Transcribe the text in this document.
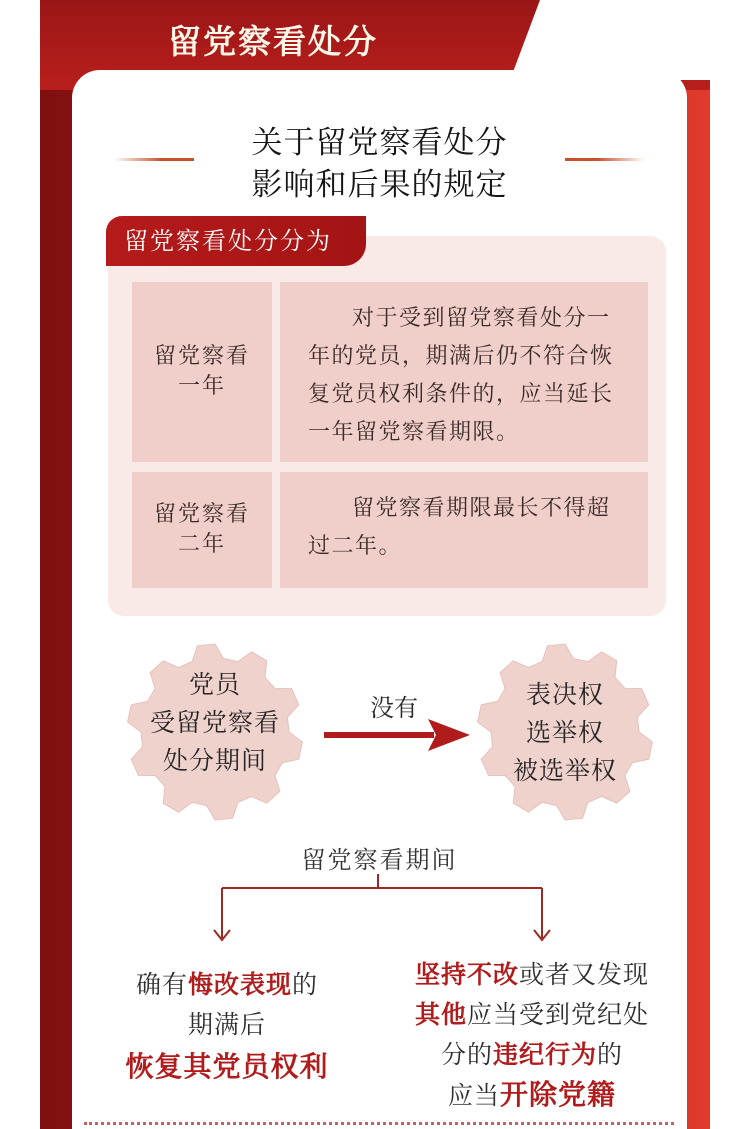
留党察看处分
关于留党察看处分
影响和后果的规定
留党察看处分分为
留党察看
一年
对于受到留党察看处分一年的党员，期满后仍不符合恢复党员权利条件的，应当延长一年留党察看期限。
留党察看
二年
留党察看期限最长不得超过二年。
党员
受留党察看
处分期间
没有	表决权
选举权
被选举权
留党察看期间
确有悔改表现的
期满后
恢复其党员权利
坚持不改或者又发现
其他应当受到党纪处
分的违纪行为的
应当开除党籍
